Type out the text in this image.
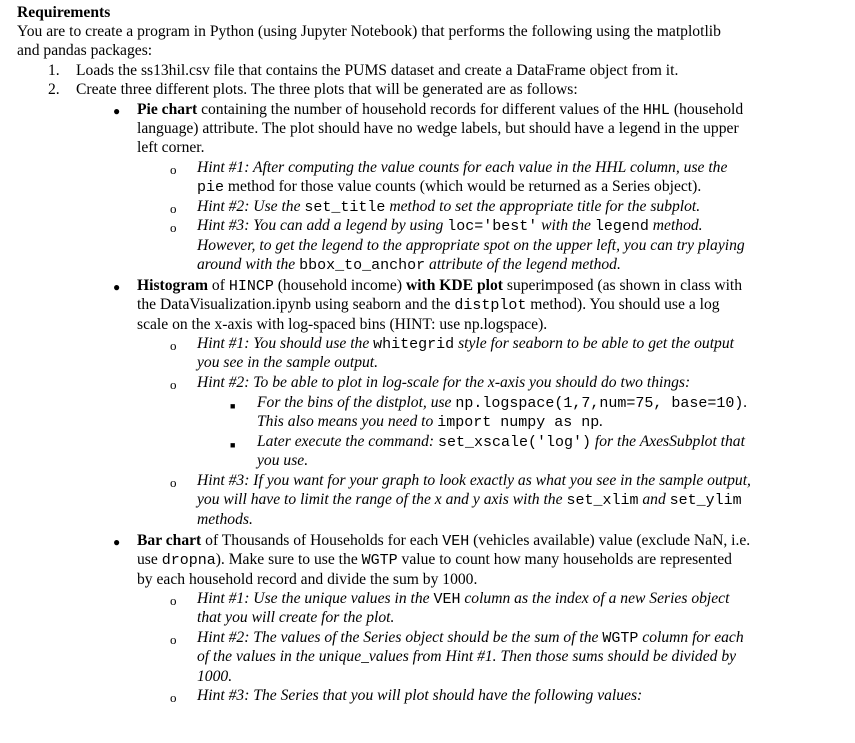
Requirements
You are to create a program in Python (using Jupyter Notebook) that performs the following using the matplotlib
and pandas packages:
1. Loads the ss13hil.csv file that contains the PUMS dataset and create a DataFrame object from it.
2. Create three different plots. The three plots that will be generated are as follows:
● Pie chart containing the number of household records for different values of the HHL (household
language) attribute. The plot should have no wedge labels, but should have a legend in the upper
left corner.
o Hint #1: After computing the value counts for each value in the HHL column, use the
pie method for those value counts (which would be returned as a Series object).
o Hint #2: Use the set_title method to set the appropriate title for the subplot.
o Hint #3: You can add a legend by using loc='best' with the legend method.
However, to get the legend to the appropriate spot on the upper left, you can try playing
around with the bbox_to_anchor attribute of the legend method.
● Histogram of HINCP (household income) with KDE plot superimposed (as shown in class with
the DataVisualization.ipynb using seaborn and the distplot method). You should use a log
scale on the x-axis with log-spaced bins (HINT: use np.logspace).
o Hint #1: You should use the whitegrid style for seaborn to be able to get the output
you see in the sample output.
o Hint #2: To be able to plot in log-scale for the x-axis you should do two things:
■ For the bins of the distplot, use np.logspace(1,7,num=75, base=10).
This also means you need to import numpy as np.
■ Later execute the command: set_xscale('log') for the AxesSubplot that
you use.
o Hint #3: If you want for your graph to look exactly as what you see in the sample output,
you will have to limit the range of the x and y axis with the set_xlim and set_ylim
methods.
● Bar chart of Thousands of Households for each VEH (vehicles available) value (exclude NaN, i.e.
use dropna). Make sure to use the WGTP value to count how many households are represented
by each household record and divide the sum by 1000.
o Hint #1: Use the unique values in the VEH column as the index of a new Series object
that you will create for the plot.
o Hint #2: The values of the Series object should be the sum of the WGTP column for each
of the values in the unique_values from Hint #1. Then those sums should be divided by
1000.
o Hint #3: The Series that you will plot should have the following values:
